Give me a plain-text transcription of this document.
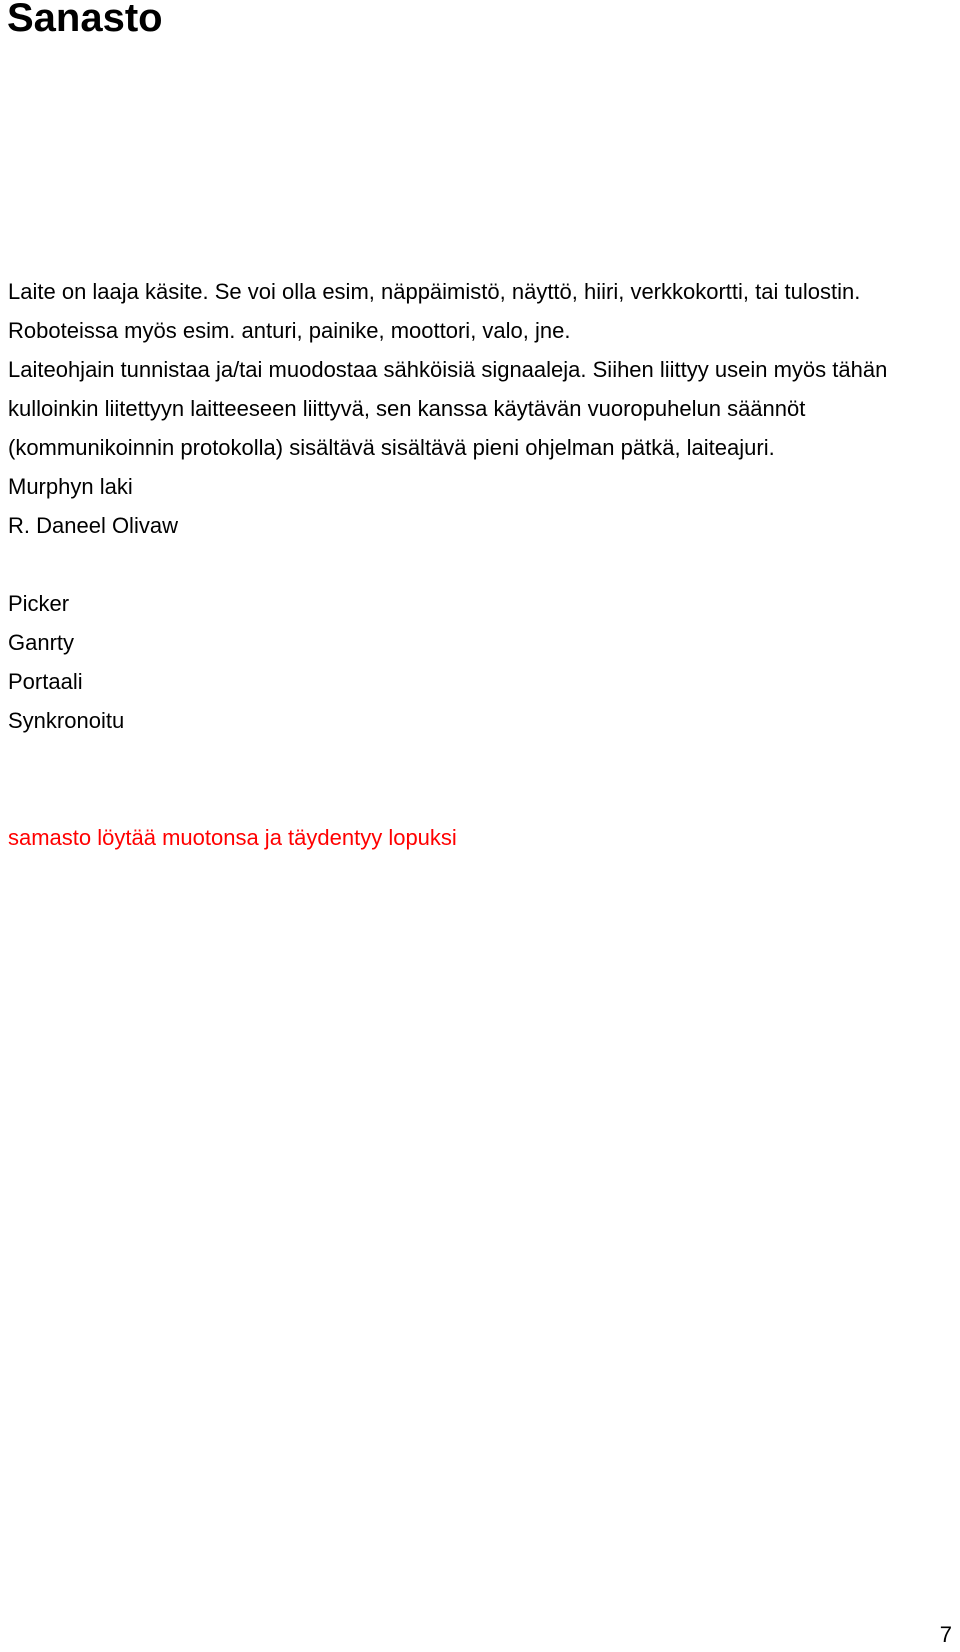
Sanasto

Laite on laaja käsite. Se voi olla esim, näppäimistö, näyttö, hiiri, verkkokortti, tai tulostin. Roboteissa myös esim. anturi, painike, moottori, valo, jne.

Laiteohjain tunnistaa ja/tai muodostaa sähköisiä signaaleja. Siihen liittyy usein myös tähän kulloinkin liitettyyn laitteeseen liittyvä, sen kanssa käytävän vuoropuhelun säännöt (kommunikoinnin protokolla) sisältävä sisältävä pieni ohjelman pätkä, laiteajuri.

Murphyn laki

R. Daneel Olivaw

Picker

Ganrty

Portaali

Synkronoitu

samasto löytää muotonsa ja täydentyy lopuksi

7
